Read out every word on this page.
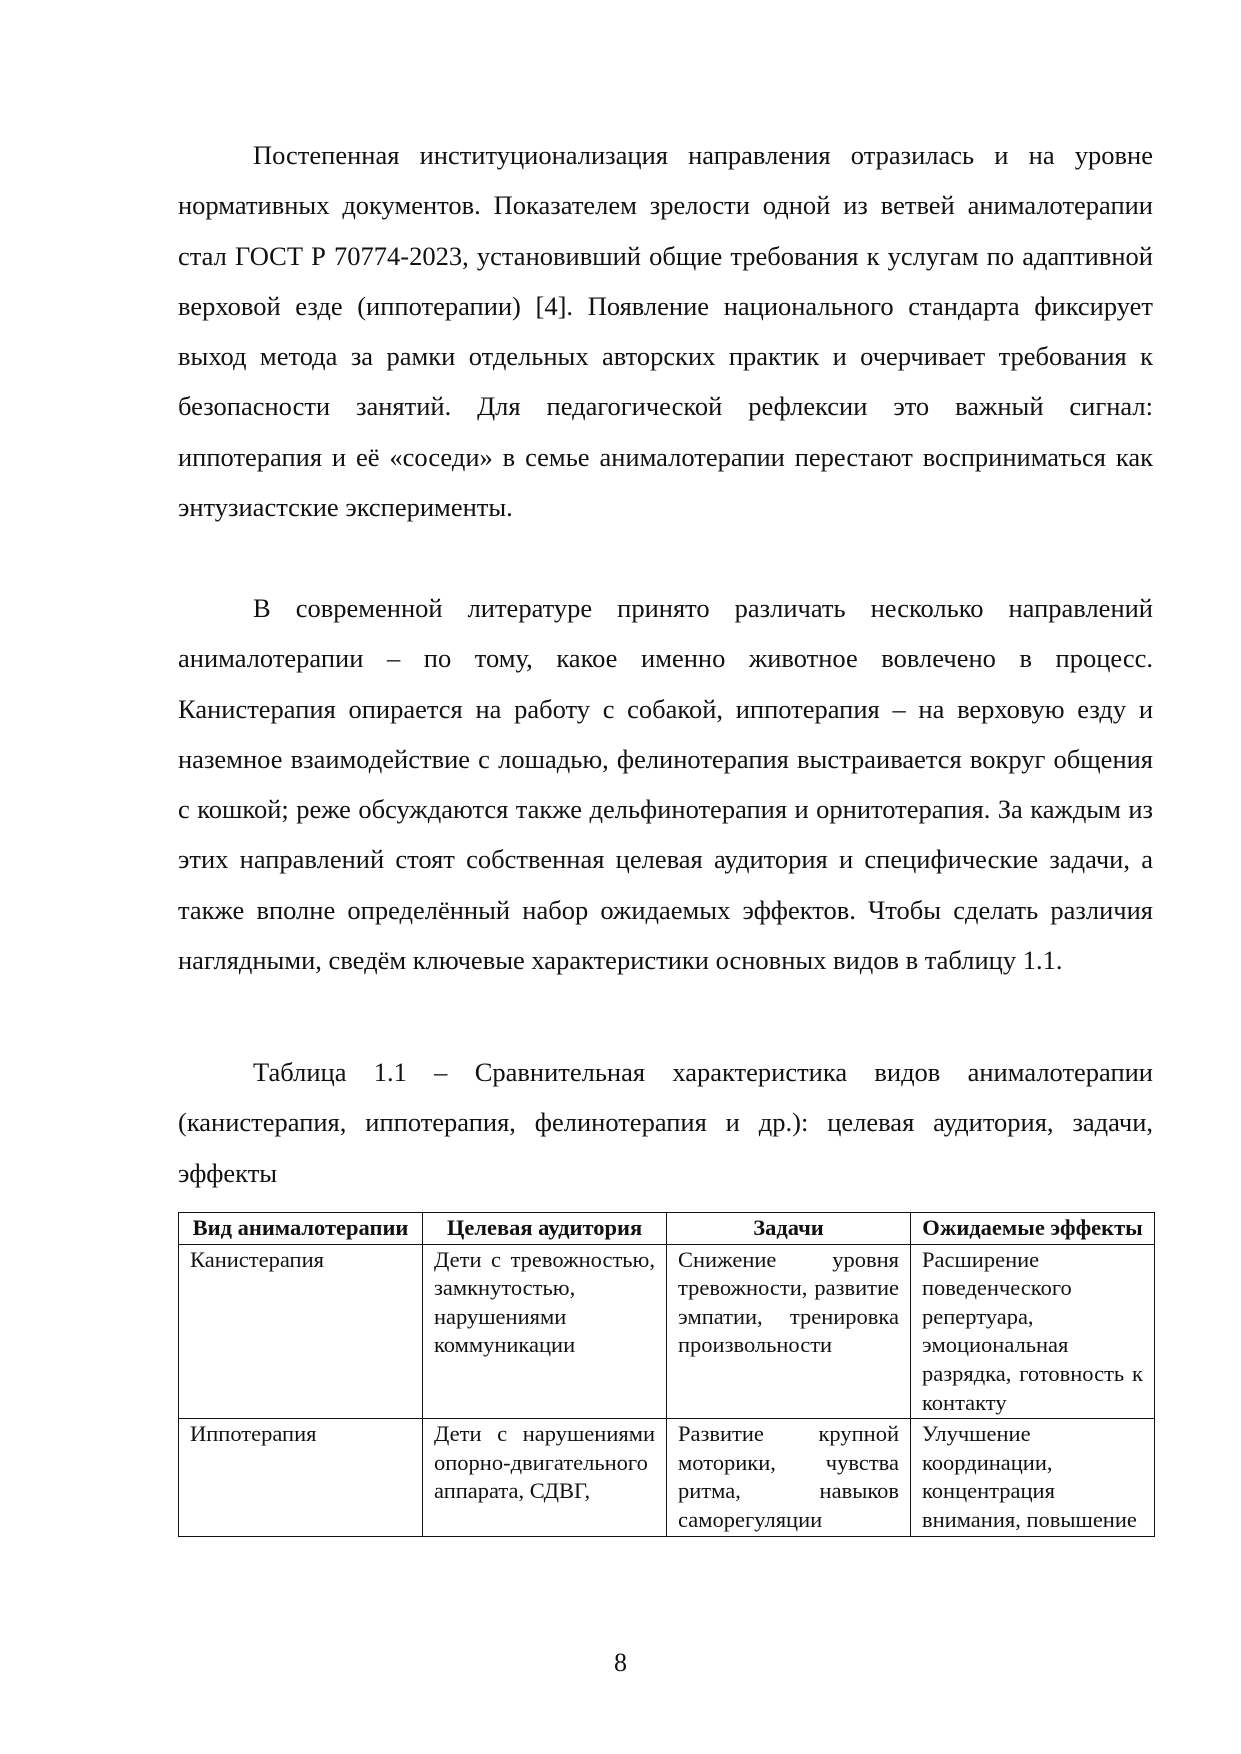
Постепенная институционализация направления отразилась и на уровне нормативных документов. Показателем зрелости одной из ветвей анималотерапии стал ГОСТ Р 70774-2023, установивший общие требования к услугам по адаптивной верховой езде (иппотерапии) [4]. Появление национального стандарта фиксирует выход метода за рамки отдельных авторских практик и очерчивает требования к безопасности занятий. Для педагогической рефлексии это важный сигнал: иппотерапия и её «соседи» в семье анималотерапии перестают восприниматься как энтузиастские эксперименты.

В современной литературе принято различать несколько направлений анималотерапии – по тому, какое именно животное вовлечено в процесс. Канистерапия опирается на работу с собакой, иппотерапия – на верховую езду и наземное взаимодействие с лошадью, фелинотерапия выстраивается вокруг общения с кошкой; реже обсуждаются также дельфинотерапия и орнитотерапия. За каждым из этих направлений стоят собственная целевая аудитория и специфические задачи, а также вполне определённый набор ожидаемых эффектов. Чтобы сделать различия наглядными, сведём ключевые характеристики основных видов в таблицу 1.1.

Таблица 1.1 – Сравнительная характеристика видов анималотерапии (канистерапия, иппотерапия, фелинотерапия и др.): целевая аудитория, задачи, эффекты

Вид анималотерапии	Целевая аудитория	Задачи	Ожидаемые эффекты
Канистерапия	Дети с тревожностью, замкнутостью, нарушениями коммуникации	Снижение уровня тревожности, развитие эмпатии, тренировка произвольности	Расширение поведенческого репертуара, эмоциональная разрядка, готовность к контакту
Иппотерапия	Дети с нарушениями опорно-двигательного аппарата, СДВГ,	Развитие крупной моторики, чувства ритма, навыков саморегуляции	Улучшение координации, концентрация внимания, повышение
8
